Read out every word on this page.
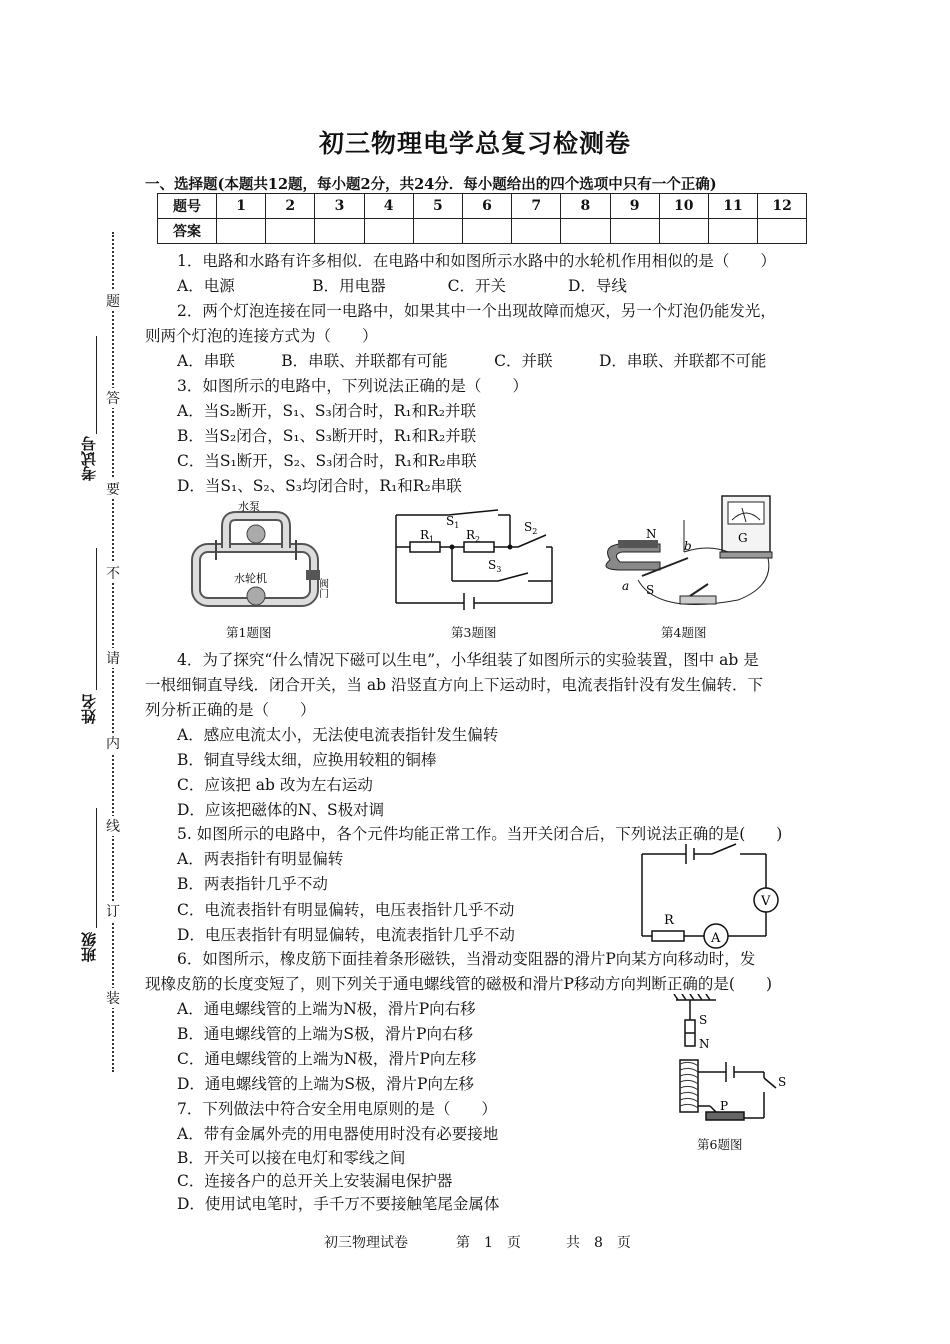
初三物理电学总复习检测卷
一、选择题(本题共12题，每小题2分，共24分．每小题给出的四个选项中只有一个正确)
题号	1	2	3	4	5	6	7	8	9	10	11	12
答案												
考试号
姓名
班级
题
答
要
不
请
内
线
订
装
1．电路和水路有许多相似．在电路中和如图所示水路中的水轮机作用相似的是（　　）
A．电源　　　　　B．用电器　　　　C．开关　　　　D．导线
2．两个灯泡连接在同一电路中，如果其中一个出现故障而熄灭，另一个灯泡仍能发光，
则两个灯泡的连接方式为（　　）
A．串联　　　B．串联、并联都有可能　　　C．并联　　　D．串联、并联都不可能
3．如图所示的电路中，下列说法正确的是（　　）
A．当S₂断开，S₁、S₃闭合时，R₁和R₂并联
B．当S₂闭合，S₁、S₃断开时，R₁和R₂并联
C．当S₁断开，S₂、S₃闭合时，R₁和R₂串联
D．当S₁、S₂、S₃均闭合时，R₁和R₂串联
水泵
水轮机	阀门
第1题图
$S_1$	$S_2$
$S_3$
$R_1$	$R_2$
第3题图
G
N
S
a
b
第4题图
4．为了探究“什么情况下磁可以生电”，小华组装了如图所示的实验装置，图中 ab 是
一根细铜直导线．闭合开关，当 ab 沿竖直方向上下运动时，电流表指针没有发生偏转．下
列分析正确的是（　　）
A．感应电流太小，无法使电流表指针发生偏转
B．铜直导线太细，应换用较粗的铜棒
C．应该把 ab 改为左右运动
D．应该把磁体的N、S极对调
5. 如图所示的电路中，各个元件均能正常工作。当开关闭合后，下列说法正确的是(　　)
A．两表指针有明显偏转
B．两表指针几乎不动
C．电流表指针有明显偏转，电压表指针几乎不动
D．电压表指针有明显偏转，电流表指针几乎不动
V
A
R
6．如图所示，橡皮筋下面挂着条形磁铁，当滑动变阻器的滑片P向某方向移动时，发
现橡皮筋的长度变短了，则下列关于通电螺线管的磁极和滑片P移动方向判断正确的是(　　)
A．通电螺线管的上端为N极，滑片P向右移
B．通电螺线管的上端为S极，滑片P向右移
C．通电螺线管的上端为N极，滑片P向左移
D．通电螺线管的上端为S极，滑片P向左移
S
N
P
S
第6题图
7．下列做法中符合安全用电原则的是（　　）
A．带有金属外壳的用电器使用时没有必要接地
B．开关可以接在电灯和零线之间
C．连接各户的总开关上安装漏电保护器
D．使用试电笔时，手千万不要接触笔尾金属体
初三物理试卷	第　1　页	共　8　页
